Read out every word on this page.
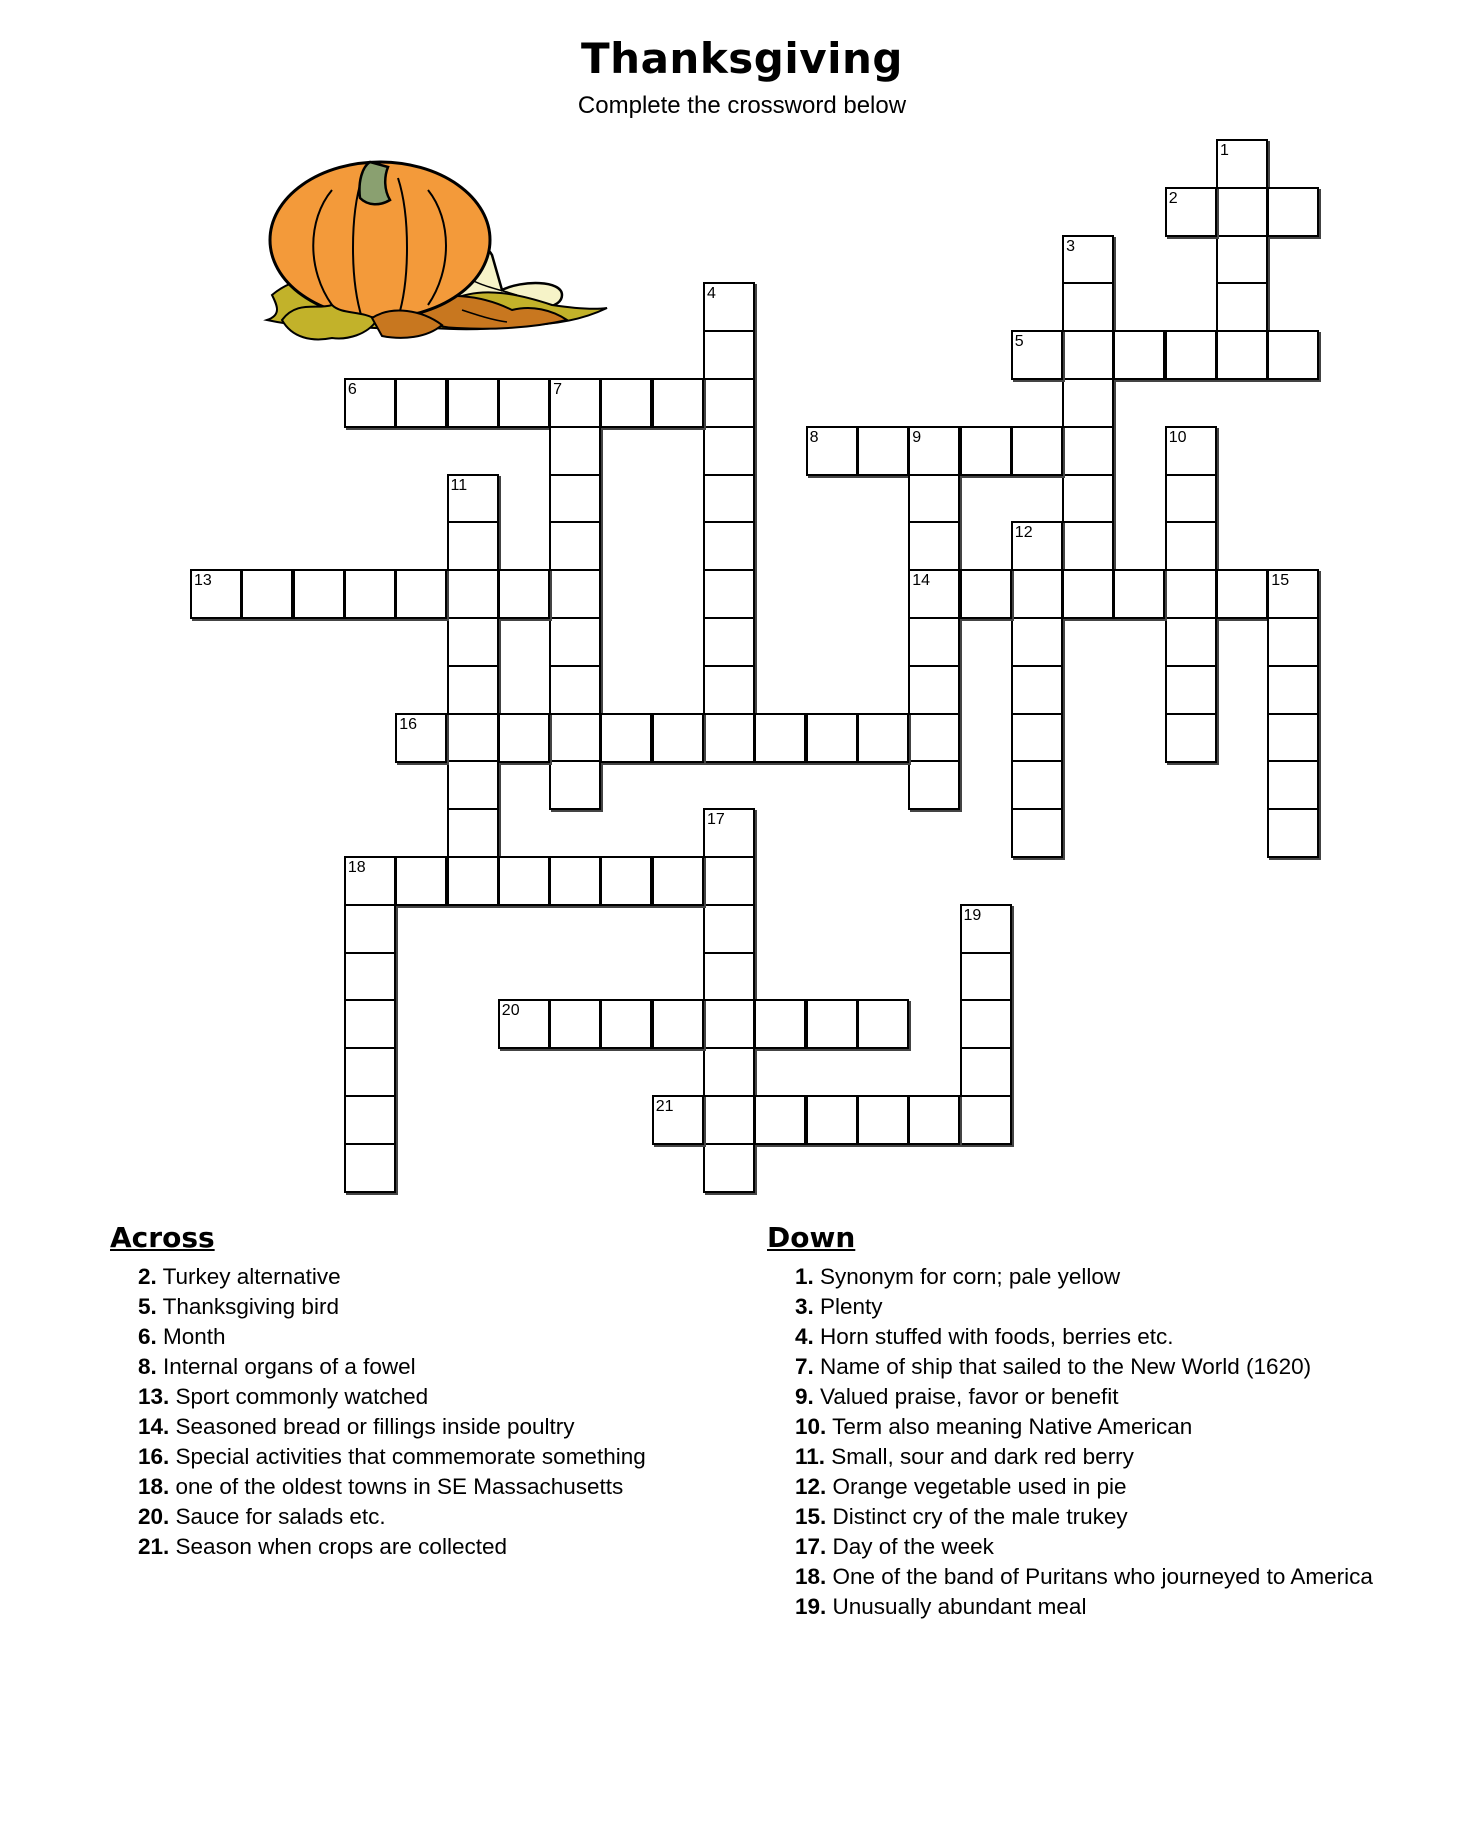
Thanksgiving
Complete the crossword below
1
2
3
4
5
6	7
8	9
14
10
11
12
13	15
16
17
18
19
20
21
Across	Down
2. Turkey alternative
5. Thanksgiving bird
6. Month
8. Internal organs of a fowel
13. Sport commonly watched
14. Seasoned bread or fillings inside poultry
16. Special activities that commemorate something
18. one of the oldest towns in SE Massachusetts
20. Sauce for salads etc.
21. Season when crops are collected
1. Synonym for corn; pale yellow
3. Plenty
4. Horn stuffed with foods, berries etc.
7. Name of ship that sailed to the New World (1620)
9. Valued praise, favor or benefit
10. Term also meaning Native American
11. Small, sour and dark red berry
12. Orange vegetable used in pie
15. Distinct cry of the male trukey
17. Day of the week
18. One of the band of Puritans who journeyed to America
19. Unusually abundant meal
